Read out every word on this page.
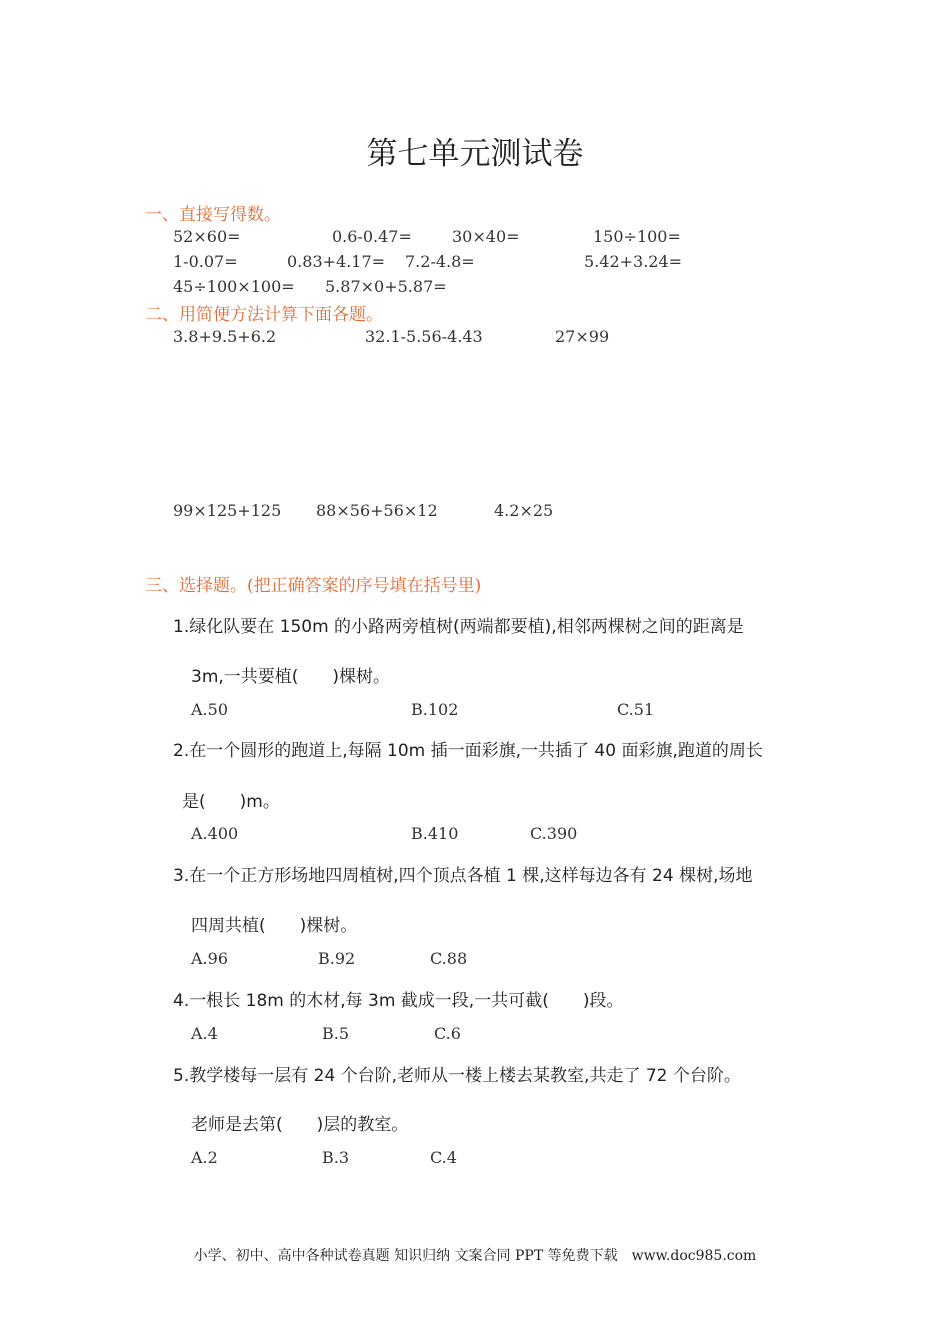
第七单元测试卷
一、直接写得数。
52×60=	0.6-0.47=	30×40=	150÷100=
1-0.07=	0.83+4.17= 7.2-4.8=	5.42+3.24=
45÷100×100= 5.87×0+5.87=
二、用简便方法计算下面各题。
3.8+9.5+6.2	32.1-5.56-4.43	27×99
99×125+125 88×56+56×12	4.2×25
三、选择题。(把正确答案的序号填在括号里)
1.绿化队要在 150m 的小路两旁植树(两端都要植),相邻两棵树之间的距离是
3m,一共要植(　　)棵树。
A.50	B.102	C.51
2.在一个圆形的跑道上,每隔 10m 插一面彩旗,一共插了 40 面彩旗,跑道的周长
是(　　)m。
A.400	B.410	C.390
3.在一个正方形场地四周植树,四个顶点各植 1 棵,这样每边各有 24 棵树,场地
四周共植(　　)棵树。
A.96	B.92	C.88
4.一根长 18m 的木材,每 3m 截成一段,一共可截(　　)段。
A.4	B.5	C.6
5.教学楼每一层有 24 个台阶,老师从一楼上楼去某教室,共走了 72 个台阶。
老师是去第(　　)层的教室。
A.2	B.3	C.4
小学、初中、高中各种试卷真题 知识归纳 文案合同 PPT 等免费下载　www.doc985.com
